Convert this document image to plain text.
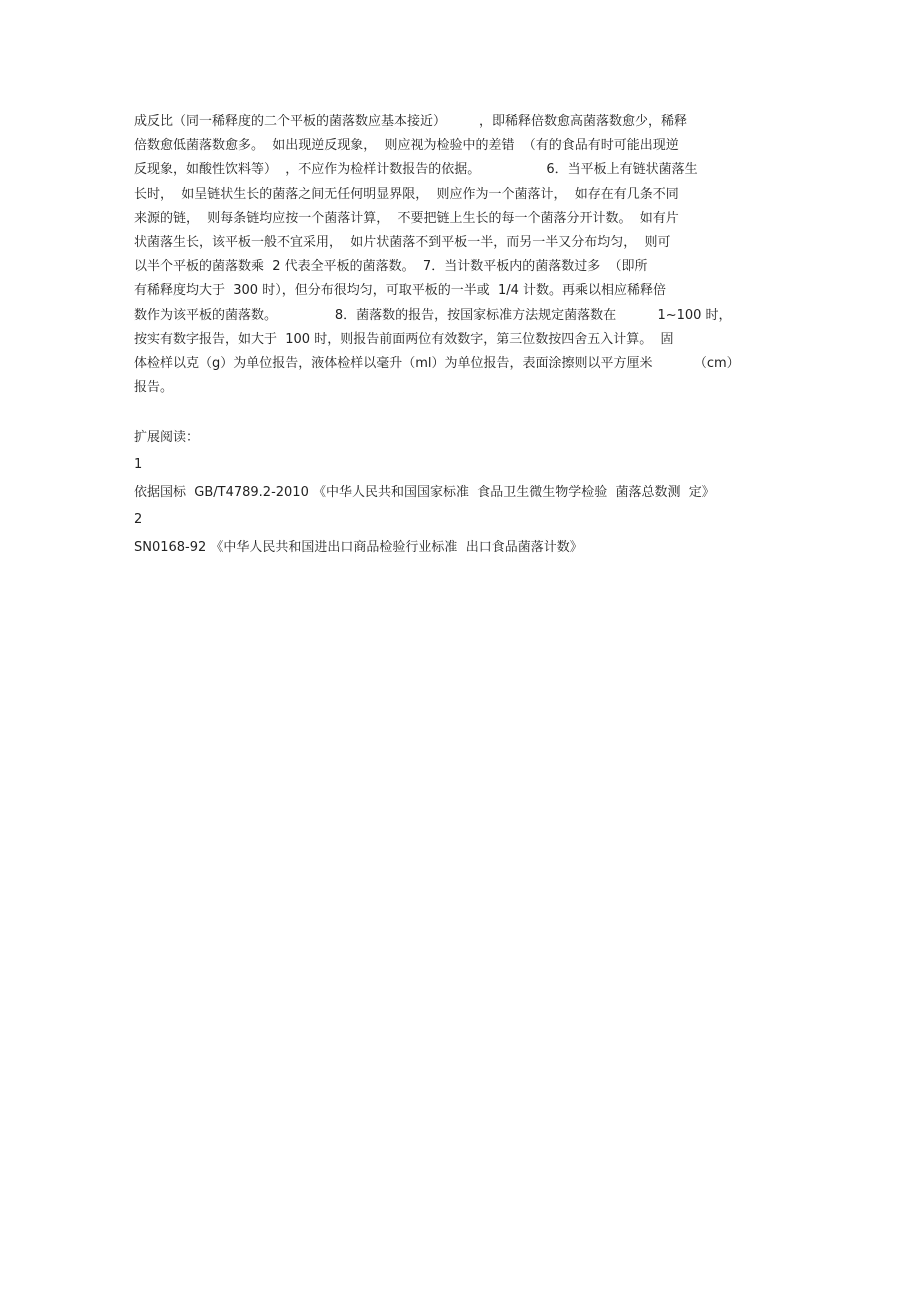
成反比（同一稀释度的二个平板的菌落数应基本接近）        ，即稀释倍数愈高菌落数愈少，稀释
倍数愈低菌落数愈多。  如出现逆反现象，  则应视为检验中的差错  （有的食品有时可能出现逆
反现象，如酸性饮料等）  ，不应作为检样计数报告的依据。                6．当平板上有链状菌落生
长时，  如呈链状生长的菌落之间无任何明显界限，  则应作为一个菌落计，  如存在有几条不同
来源的链，  则每条链均应按一个菌落计算，  不要把链上生长的每一个菌落分开计数。  如有片
状菌落生长，该平板一般不宜采用，  如片状菌落不到平板一半，而另一半又分布均匀，  则可
以半个平板的菌落数乘  2 代表全平板的菌落数。  7．当计数平板内的菌落数过多  （即所
有稀释度均大于  300 时），但分布很均匀，可取平板的一半或  1/4 计数。再乘以相应稀释倍
数作为该平板的菌落数。              8．菌落数的报告，按国家标准方法规定菌落数在          1~100 时，
按实有数字报告，如大于  100 时，则报告前面两位有效数字，第三位数按四舍五入计算。  固
体检样以克（g）为单位报告，液体检样以毫升（ml）为单位报告，表面涂擦则以平方厘米          （cm）
报告。
扩展阅读：
1
依据国标  GB/T4789.2-2010 《中华人民共和国国家标准  食品卫生微生物学检验  菌落总数测  定》
2
SN0168-92 《中华人民共和国进出口商品检验行业标准  出口食品菌落计数》
